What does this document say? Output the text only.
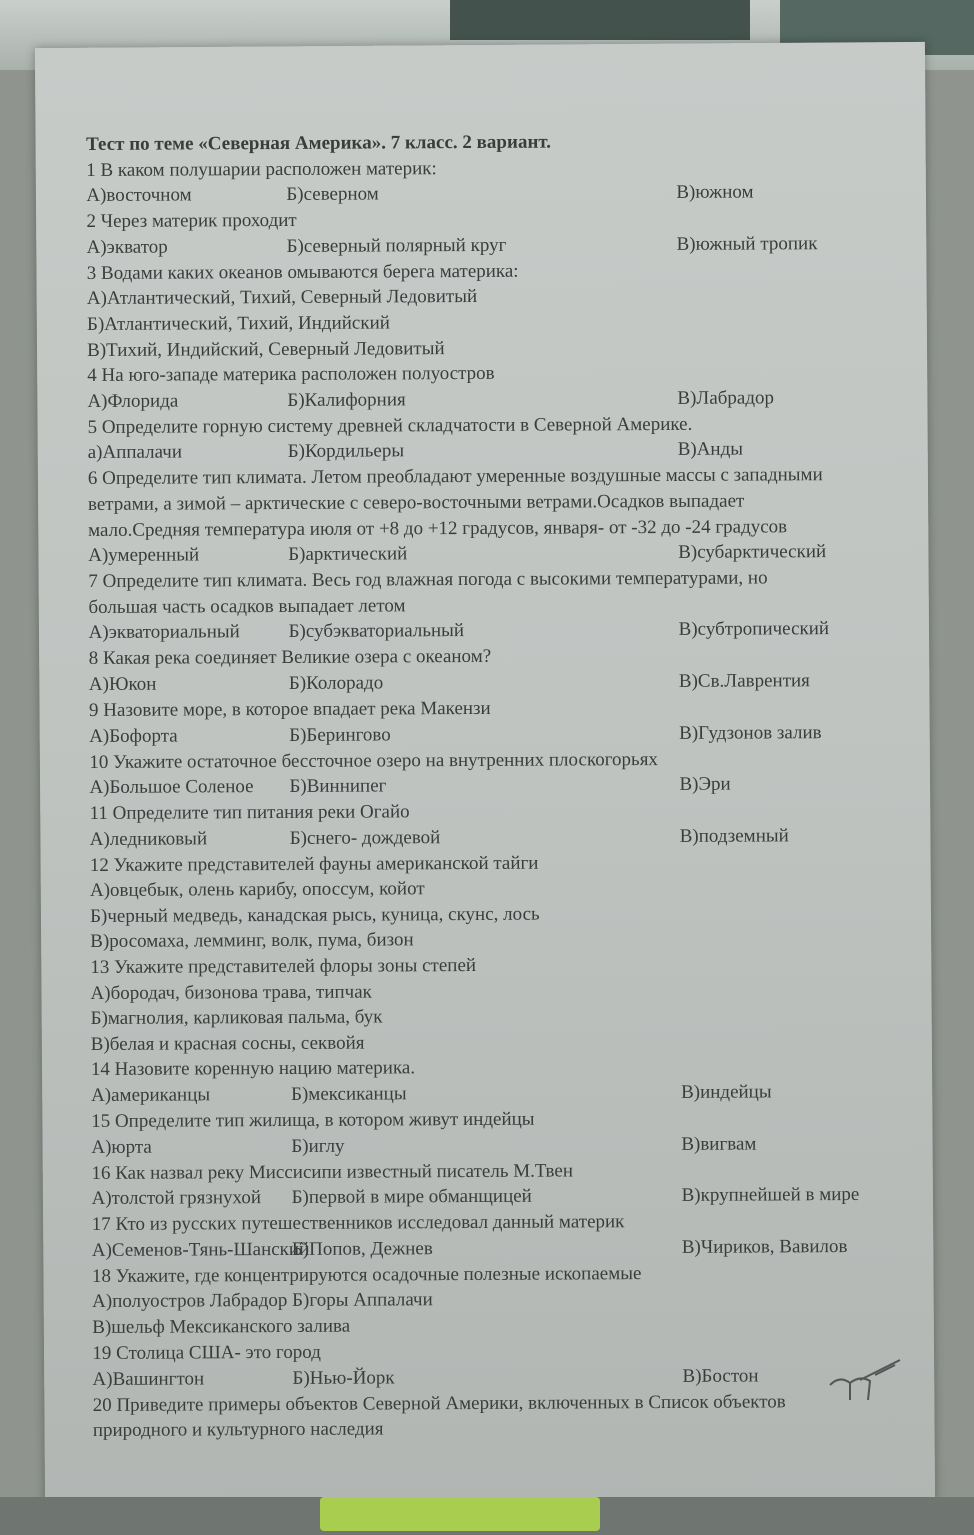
Тест по теме «Северная Америка». 7 класс. 2 вариант.
1 В каком полушарии расположен материк:
А)восточном	Б)северном	В)южном
2 Через материк проходит
А)экватор	Б)северный полярный круг	В)южный тропик
3 Водами каких океанов омываются берега материка:
А)Атлантический, Тихий, Северный Ледовитый
Б)Атлантический, Тихий, Индийский
В)Тихий, Индийский, Северный Ледовитый
4 На юго-западе материка расположен полуостров
А)Флорида	Б)Калифорния	В)Лабрадор
5 Определите горную систему древней складчатости в Северной Америке.
а)Аппалачи	Б)Кордильеры	В)Анды
6 Определите тип климата. Летом преобладают умеренные воздушные массы с западными
ветрами, а зимой – арктические с северо-восточными ветрами.Осадков выпадает
мало.Средняя температура июля от +8 до +12 градусов, января- от -32 до -24 градусов
А)умеренный	Б)арктический	В)субарктический
7 Определите тип климата. Весь год влажная погода с высокими температурами, но
большая часть осадков выпадает летом
А)экваториальный	Б)субэкваториальный	В)субтропический
8 Какая река соединяет Великие озера с океаном?
А)Юкон	Б)Колорадо	В)Св.Лаврентия
9 Назовите море, в которое впадает река Макензи
А)Бофорта	Б)Берингово	В)Гудзонов залив
10 Укажите остаточное бессточное озеро на внутренних плоскогорьях
А)Большое Соленое Б)Виннипег	В)Эри
11 Определите тип питания реки Огайо
А)ледниковый	Б)снего- дождевой	В)подземный
12 Укажите представителей фауны американской тайги
А)овцебык, олень карибу, опоссум, койот
Б)черный медведь, канадская рысь, куница, скунс, лось
В)росомаха, лемминг, волк, пума, бизон
13 Укажите представителей флоры зоны степей
А)бородач, бизонова трава, типчак
Б)магнолия, карликовая пальма, бук
В)белая и красная сосны, секвойя
14 Назовите коренную нацию материка.
А)американцы	Б)мексиканцы	В)индейцы
15 Определите тип жилища, в котором живут индейцы
А)юрта	Б)иглу	В)вигвам
16 Как назвал реку Миссисипи известный писатель М.Твен
А)толстой грязнухой Б)первой в мире обманщицей	В)крупнейшей в мире
17 Кто из русских путешественников исследовал данный материк
А)Семенов-Тянь-Шанский
Б)Попов, Дежнев	В)Чириков, Вавилов
18 Укажите, где концентрируются осадочные полезные ископаемые
А)полуостров Лабрадор Б)горы Аппалачи
В)шельф Мексиканского залива
19 Столица США- это город
А)Вашингтон	Б)Нью-Йорк	В)Бостон
20 Приведите примеры объектов Северной Америки, включенных в Список объектов
природного и культурного наследия
